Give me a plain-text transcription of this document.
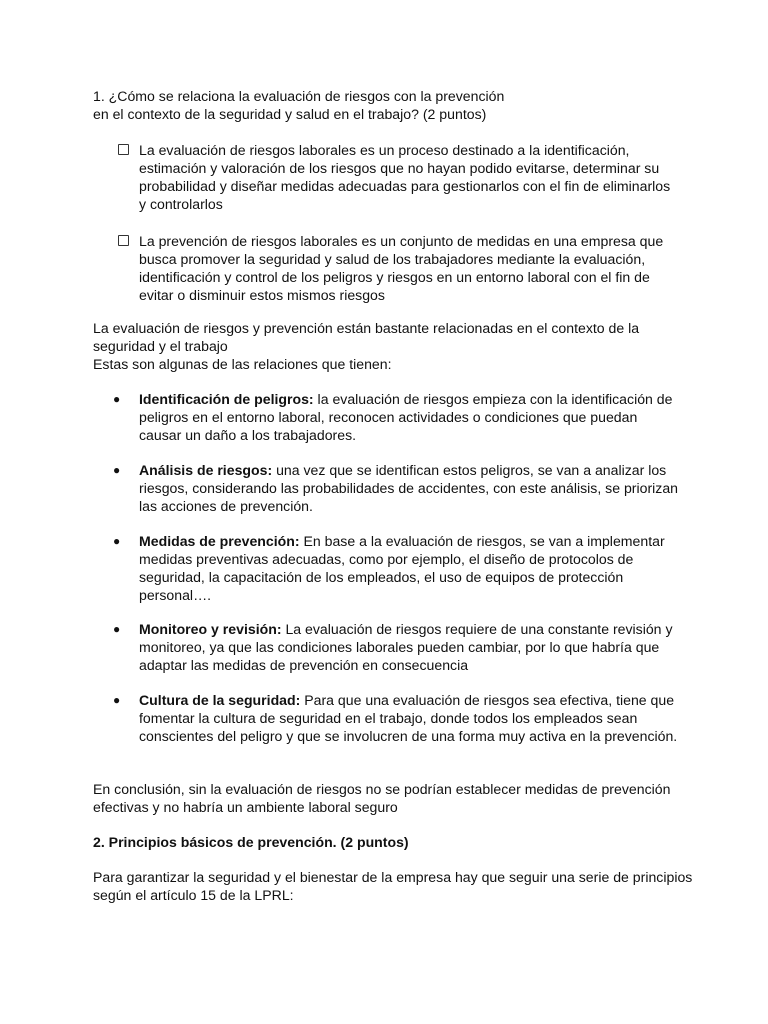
1. ¿Cómo se relaciona la evaluación de riesgos con la prevención

en el contexto de la seguridad y salud en el trabajo? (2 puntos)

La evaluación de riesgos laborales es un proceso destinado a la identificación, estimación y valoración de los riesgos que no hayan podido evitarse, determinar su probabilidad y diseñar medidas adecuadas para gestionarlos con el fin de eliminarlos y controlarlos
La prevención de riesgos laborales es un conjunto de medidas en una empresa que busca promover la seguridad y salud de los trabajadores mediante la evaluación, identificación y control de los peligros y riesgos en un entorno laboral con el fin de evitar o disminuir estos mismos riesgos

La evaluación de riesgos y prevención están bastante relacionadas en el contexto de la seguridad y el trabajo

Estas son algunas de las relaciones que tienen:

● Identificación de peligros: la evaluación de riesgos empieza con la identificación de peligros en el entorno laboral, reconocen actividades o condiciones que puedan causar un daño a los trabajadores.
● Análisis de riesgos: una vez que se identifican estos peligros, se van a analizar los riesgos, considerando las probabilidades de accidentes, con este análisis, se priorizan las acciones de prevención.
● Medidas de prevención: En base a la evaluación de riesgos, se van a implementar medidas preventivas adecuadas, como por ejemplo, el diseño de protocolos de seguridad, la capacitación de los empleados, el uso de equipos de protección personal….
● Monitoreo y revisión: La evaluación de riesgos requiere de una constante revisión y monitoreo, ya que las condiciones laborales pueden cambiar, por lo que habría que adaptar las medidas de prevención en consecuencia
● Cultura de la seguridad: Para que una evaluación de riesgos sea efectiva, tiene que fomentar la cultura de seguridad en el trabajo, donde todos los empleados sean conscientes del peligro y que se involucren de una forma muy activa en la prevención.

En conclusión, sin la evaluación de riesgos no se podrían establecer medidas de prevención efectivas y no habría un ambiente laboral seguro

2. Principios básicos de prevención. (2 puntos)

Para garantizar la seguridad y el bienestar de la empresa hay que seguir una serie de principios según el artículo 15 de la LPRL:
